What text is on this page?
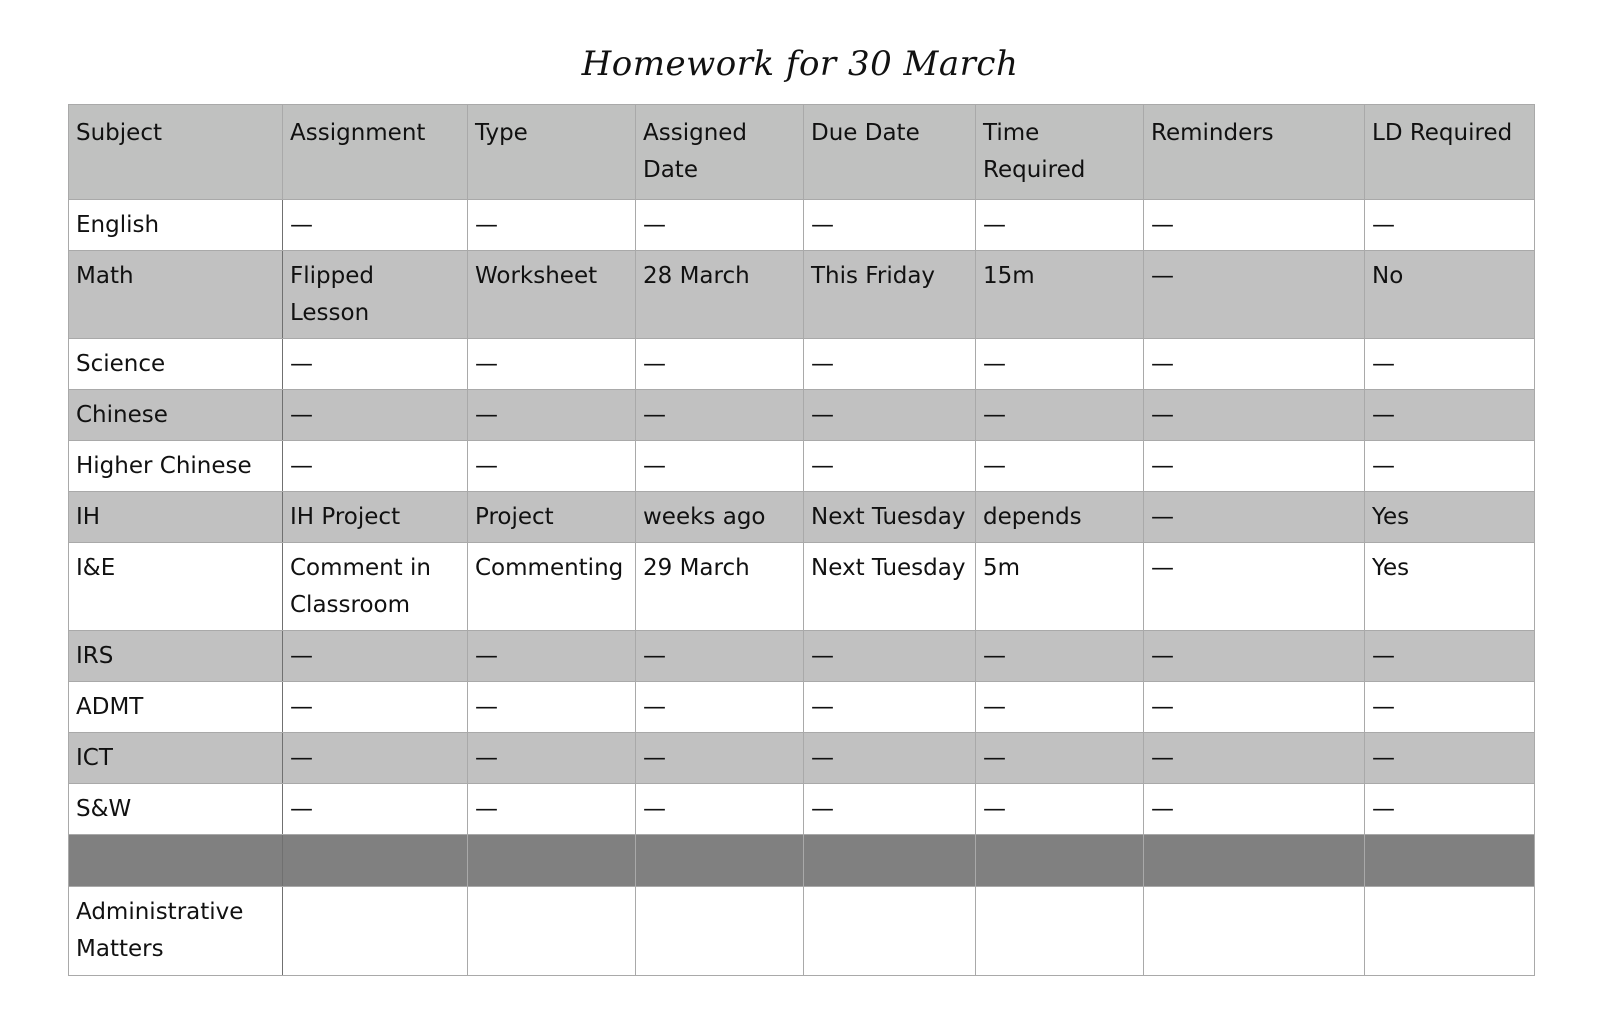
Homework for 30 March
Subject	Assignment	Type	Assigned Date	Due Date	Time Required	Reminders	LD Required
English	—	—	—	—	—	—	—
Math	Flipped Lesson	Worksheet	28 March	This Friday	15m	—	No
Science	—	—	—	—	—	—	—
Chinese	—	—	—	—	—	—	—
Higher Chinese	—	—	—	—	—	—	—
IH	IH Project	Project	weeks ago	Next Tuesday	depends	—	Yes
I&E	Comment in Classroom	Commenting	29 March	Next Tuesday	5m	—	Yes
IRS	—	—	—	—	—	—	—
ADMT	—	—	—	—	—	—	—
ICT	—	—	—	—	—	—	—
S&W	—	—	—	—	—	—	—

Administrative Matters							
